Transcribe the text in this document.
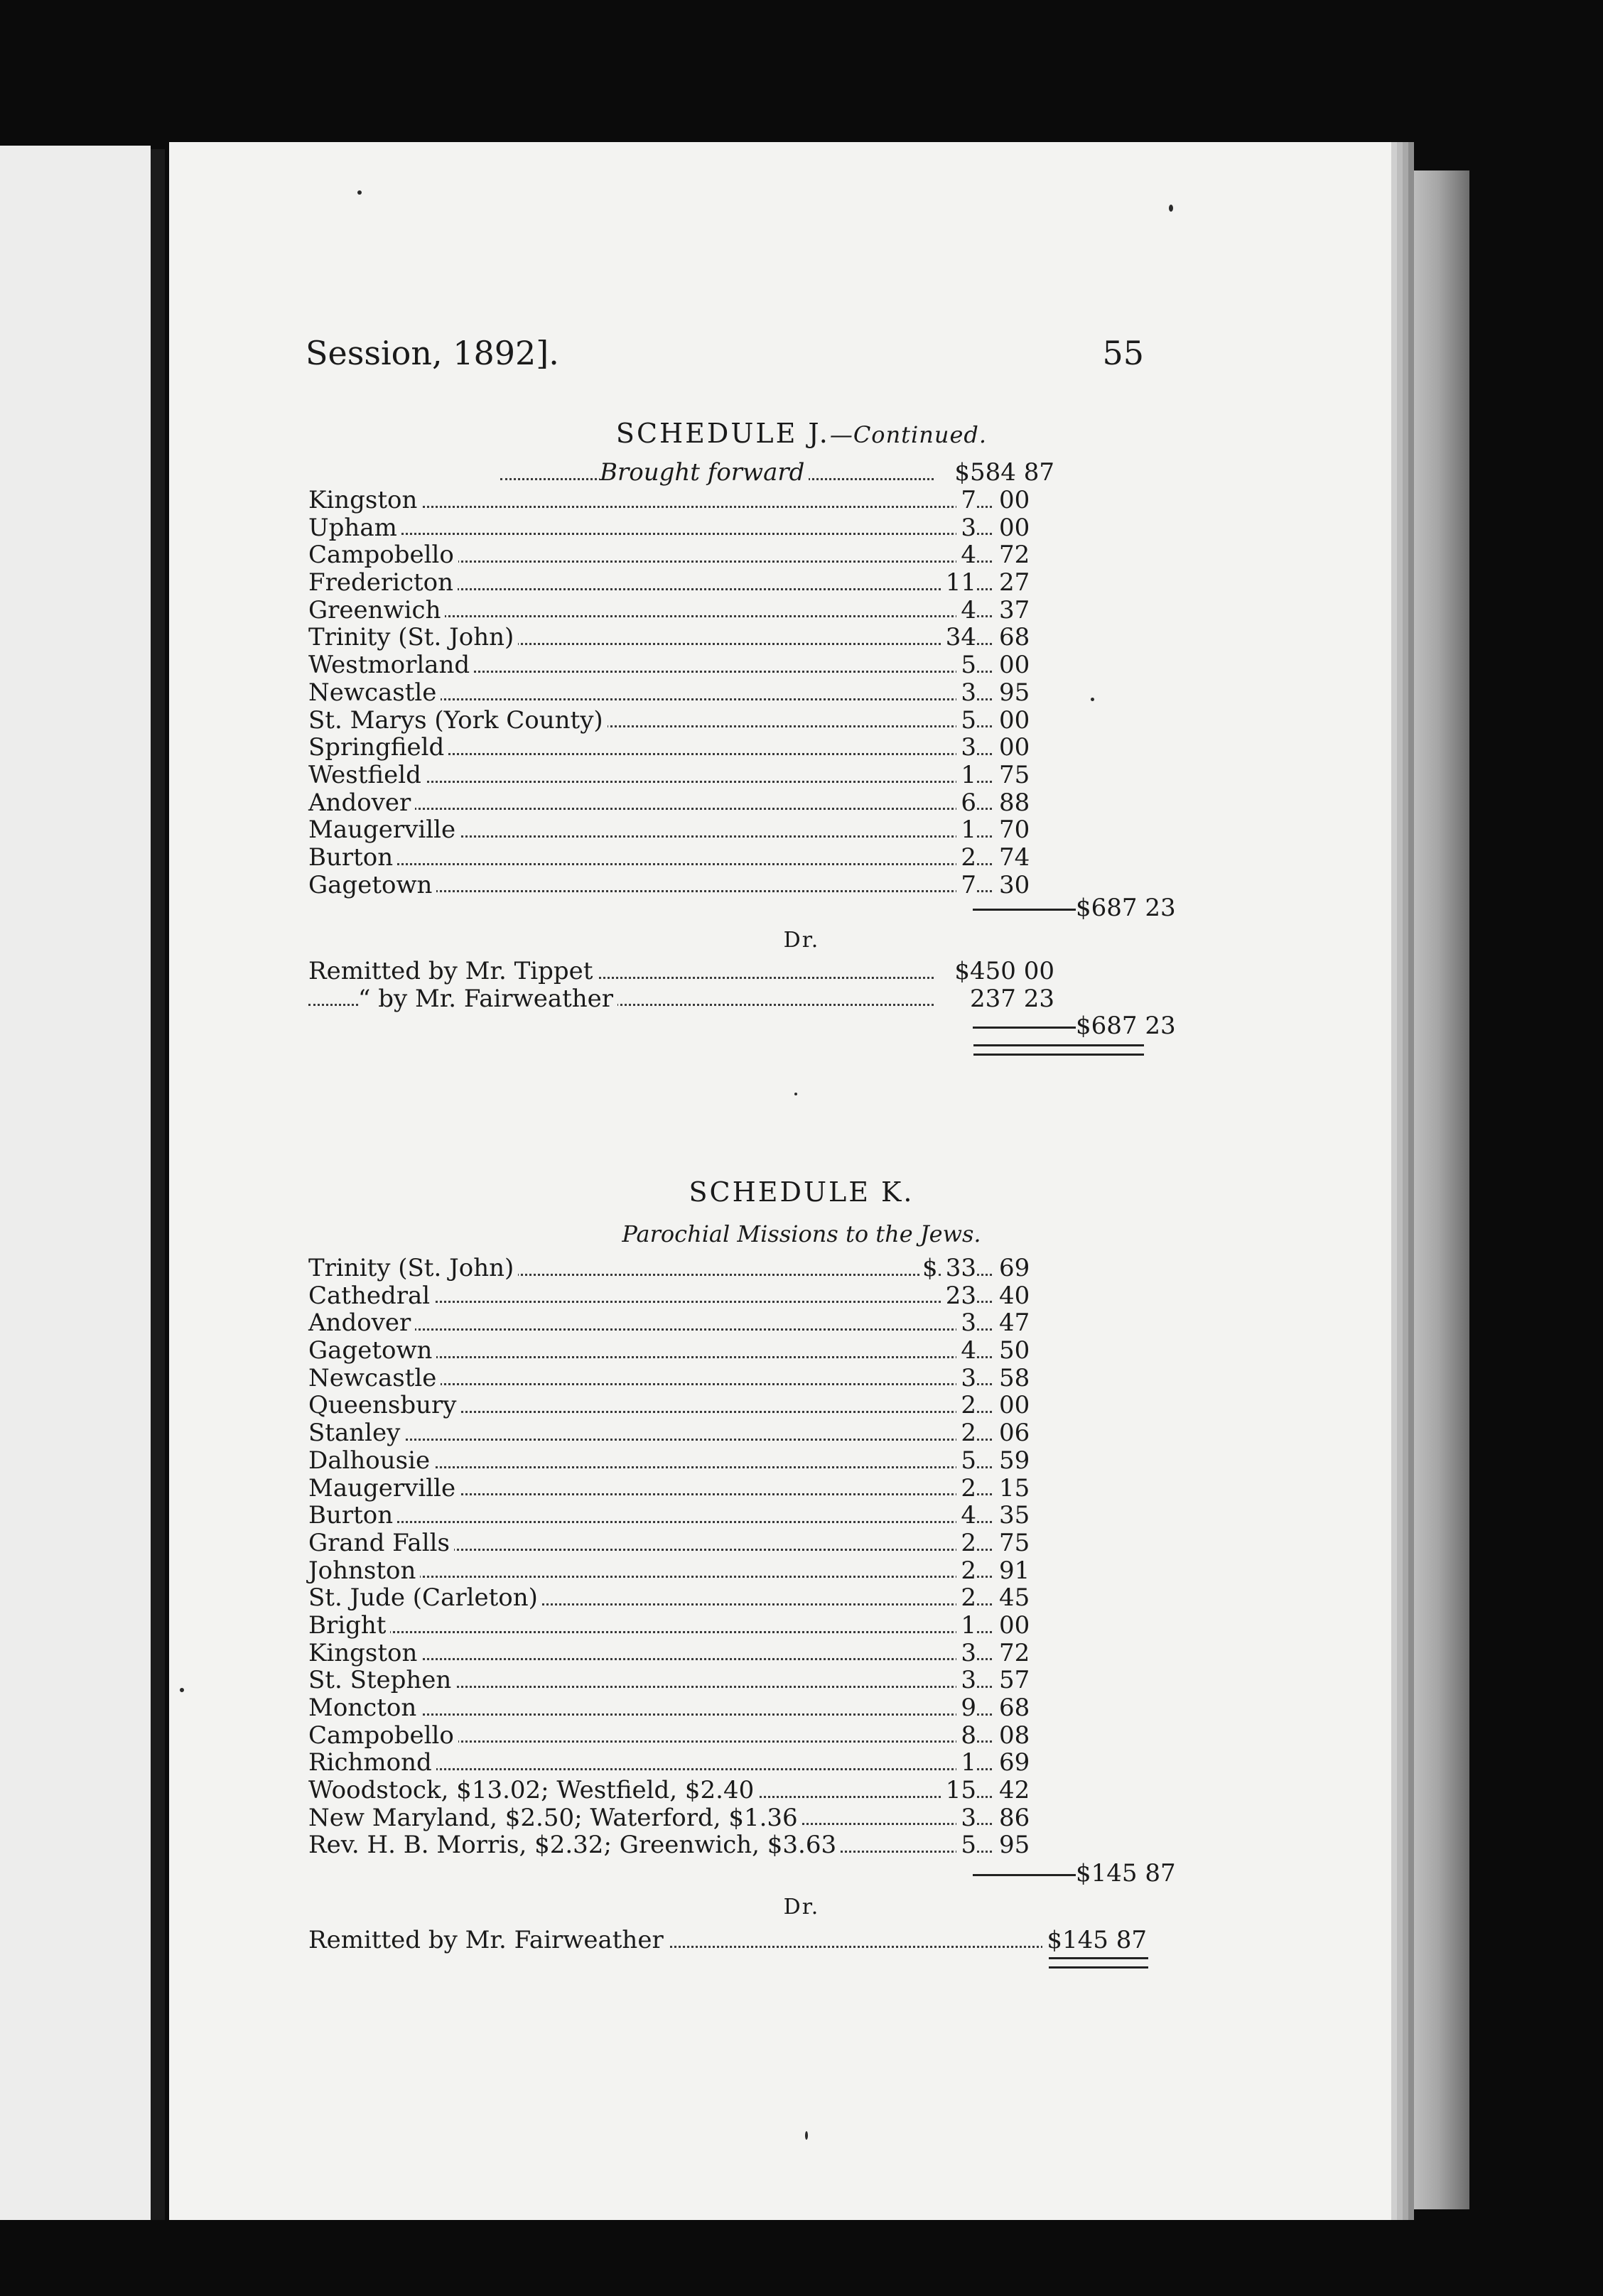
Session, 1892].	55
SCHEDULE J.—Continued.
Brought forward	$584 87
Kingston	7 00
Upham	3 00
Campobello	4 72
Fredericton	11 27
Greenwich	4 37
Trinity (St. John)	34 68
Westmorland	5 00
Newcastle	3 95
St. Marys (York County)	5 00
Springfield	3 00
Westfield	1 75
Andover	6 88
Maugerville	1 70
Burton	2 74
Gagetown	7 30
$687 23
Dr.
Remitted by Mr. Tippet	$450 00
“ by Mr. Fairweather	237 23
$687 23
SCHEDULE K.
Parochial Missions to the Jews.
Trinity (St. John)	$ 33 69
Cathedral	23 40
Andover	3 47
Gagetown	4 50
Newcastle	3 58
Queensbury	2 00
Stanley	2 06
Dalhousie	5 59
Maugerville	2 15
Burton	4 35
Grand Falls	2 75
Johnston	2 91
St. Jude (Carleton)	2 45
Bright	1 00
Kingston	3 72
St. Stephen	3 57
Moncton	9 68
Campobello	8 08
Richmond	1 69
Woodstock, $13.02; Westfield, $2.40	15 42
New Maryland, $2.50; Waterford, $1.36	3 86
Rev. H. B. Morris, $2.32; Greenwich, $3.63	5 95
$145 87
Dr.
Remitted by Mr. Fairweather	$145 87
